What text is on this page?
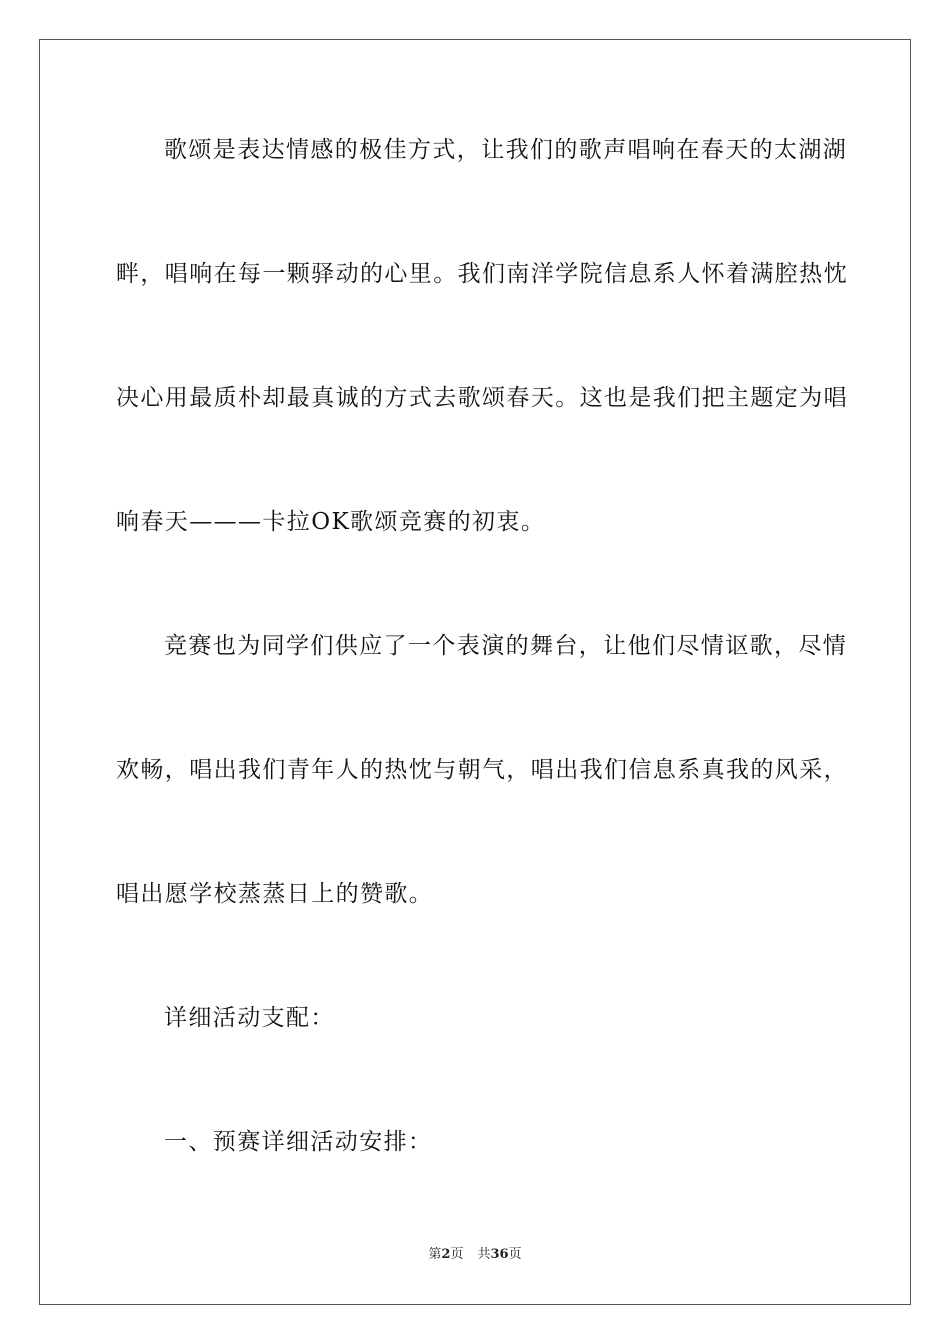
歌颂是表达情感的极佳方式，让我们的歌声唱响在春天的太湖湖
畔，唱响在每一颗驿动的心里。我们南洋学院信息系人怀着满腔热忱
决心用最质朴却最真诚的方式去歌颂春天。这也是我们把主题定为唱
响春天———卡拉OK歌颂竞赛的初衷。
竞赛也为同学们供应了一个表演的舞台，让他们尽情讴歌，尽情
欢畅，唱出我们青年人的热忱与朝气，唱出我们信息系真我的风采，
唱出愿学校蒸蒸日上的赞歌。
详细活动支配：
一、预赛详细活动安排：
第2页 共36页
